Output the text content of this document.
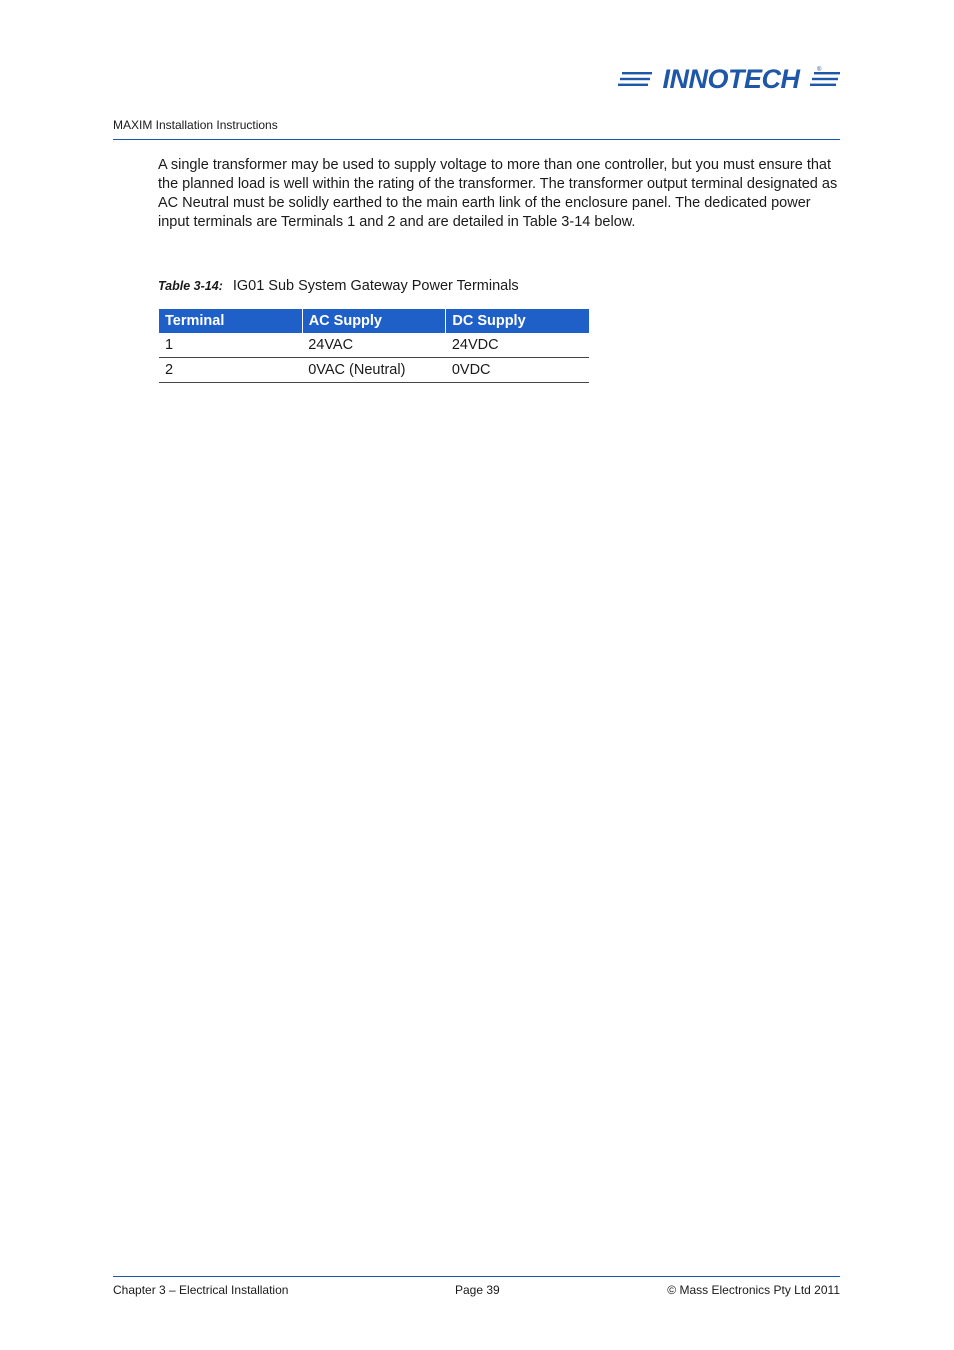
INNOTECH	®
MAXIM Installation Instructions

A single transformer may be used to supply voltage to more than one controller, but you must ensure that the planned load is well within the rating of the transformer. The transformer output terminal designated as AC Neutral must be solidly earthed to the main earth link of the enclosure panel. The dedicated power input terminals are Terminals 1 and 2 and are detailed in Table 3-14 below.

Table 3-14: IG01 Sub System Gateway Power Terminals
Terminal	AC Supply	DC Supply
1	24VAC	24VDC
2	0VAC (Neutral)	0VDC
Chapter 3 – Electrical Installation	Page 39	© Mass Electronics Pty Ltd 2011
